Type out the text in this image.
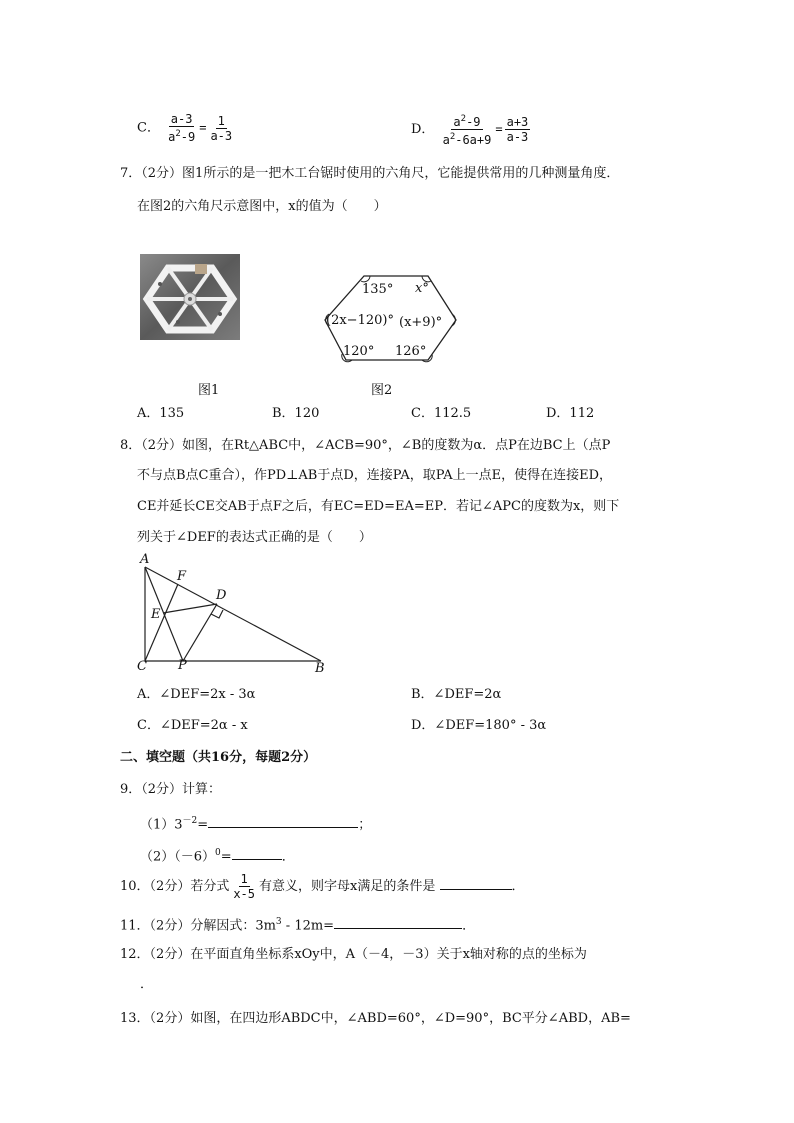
C． $\frac{a-3}{a^2-9} = \frac{1}{a-3}$	D． $\frac{a^2-9}{a^2-6a+9} = \frac{a+3}{a-3}$
7．（2分）图1所示的是一把木工台锯时使用的六角尺，它能提供常用的几种测量角度．
在图2的六角尺示意图中，x的值为（　　）
图1
135° x°
(2x−120)° (x+9)°
120° 126°
图2
A．135	B．120	C．112.5	D．112
8．（2分）如图，在Rt△ABC中，∠ACB=90°，∠B的度数为α．点P在边BC上（点P
不与点B点C重合），作PD⊥AB于点D，连接PA，取PA上一点E，使得在连接ED，
CE并延长CE交AB于点F之后，有EC=ED=EA=EP．若记∠APC的度数为x，则下
列关于∠DEF的表达式正确的是（　　）
A
F
D
E
C P	B
A．∠DEF=2x - 3α	B．∠DEF=2α
C．∠DEF=2α - x	D．∠DEF=180° - 3α
二、填空题（共16分，每题2分）
9．（2分）计算：
$(1)3^{-2}=$	；
$(2)(-6)^0=$	．
10．（2分）若分式 $\frac{1}{x-5}$ 有意义，则字母x满足的条件是	．
11．（2分）分解因式：$3m^3 - 12m=$	．
12．（2分）在平面直角坐标系xOy中，A（－4，－3）关于x轴对称的点的坐标为
．
13．（2分）如图，在四边形ABDC中，∠ABD=60°，∠D=90°，BC平分∠ABD，AB=
